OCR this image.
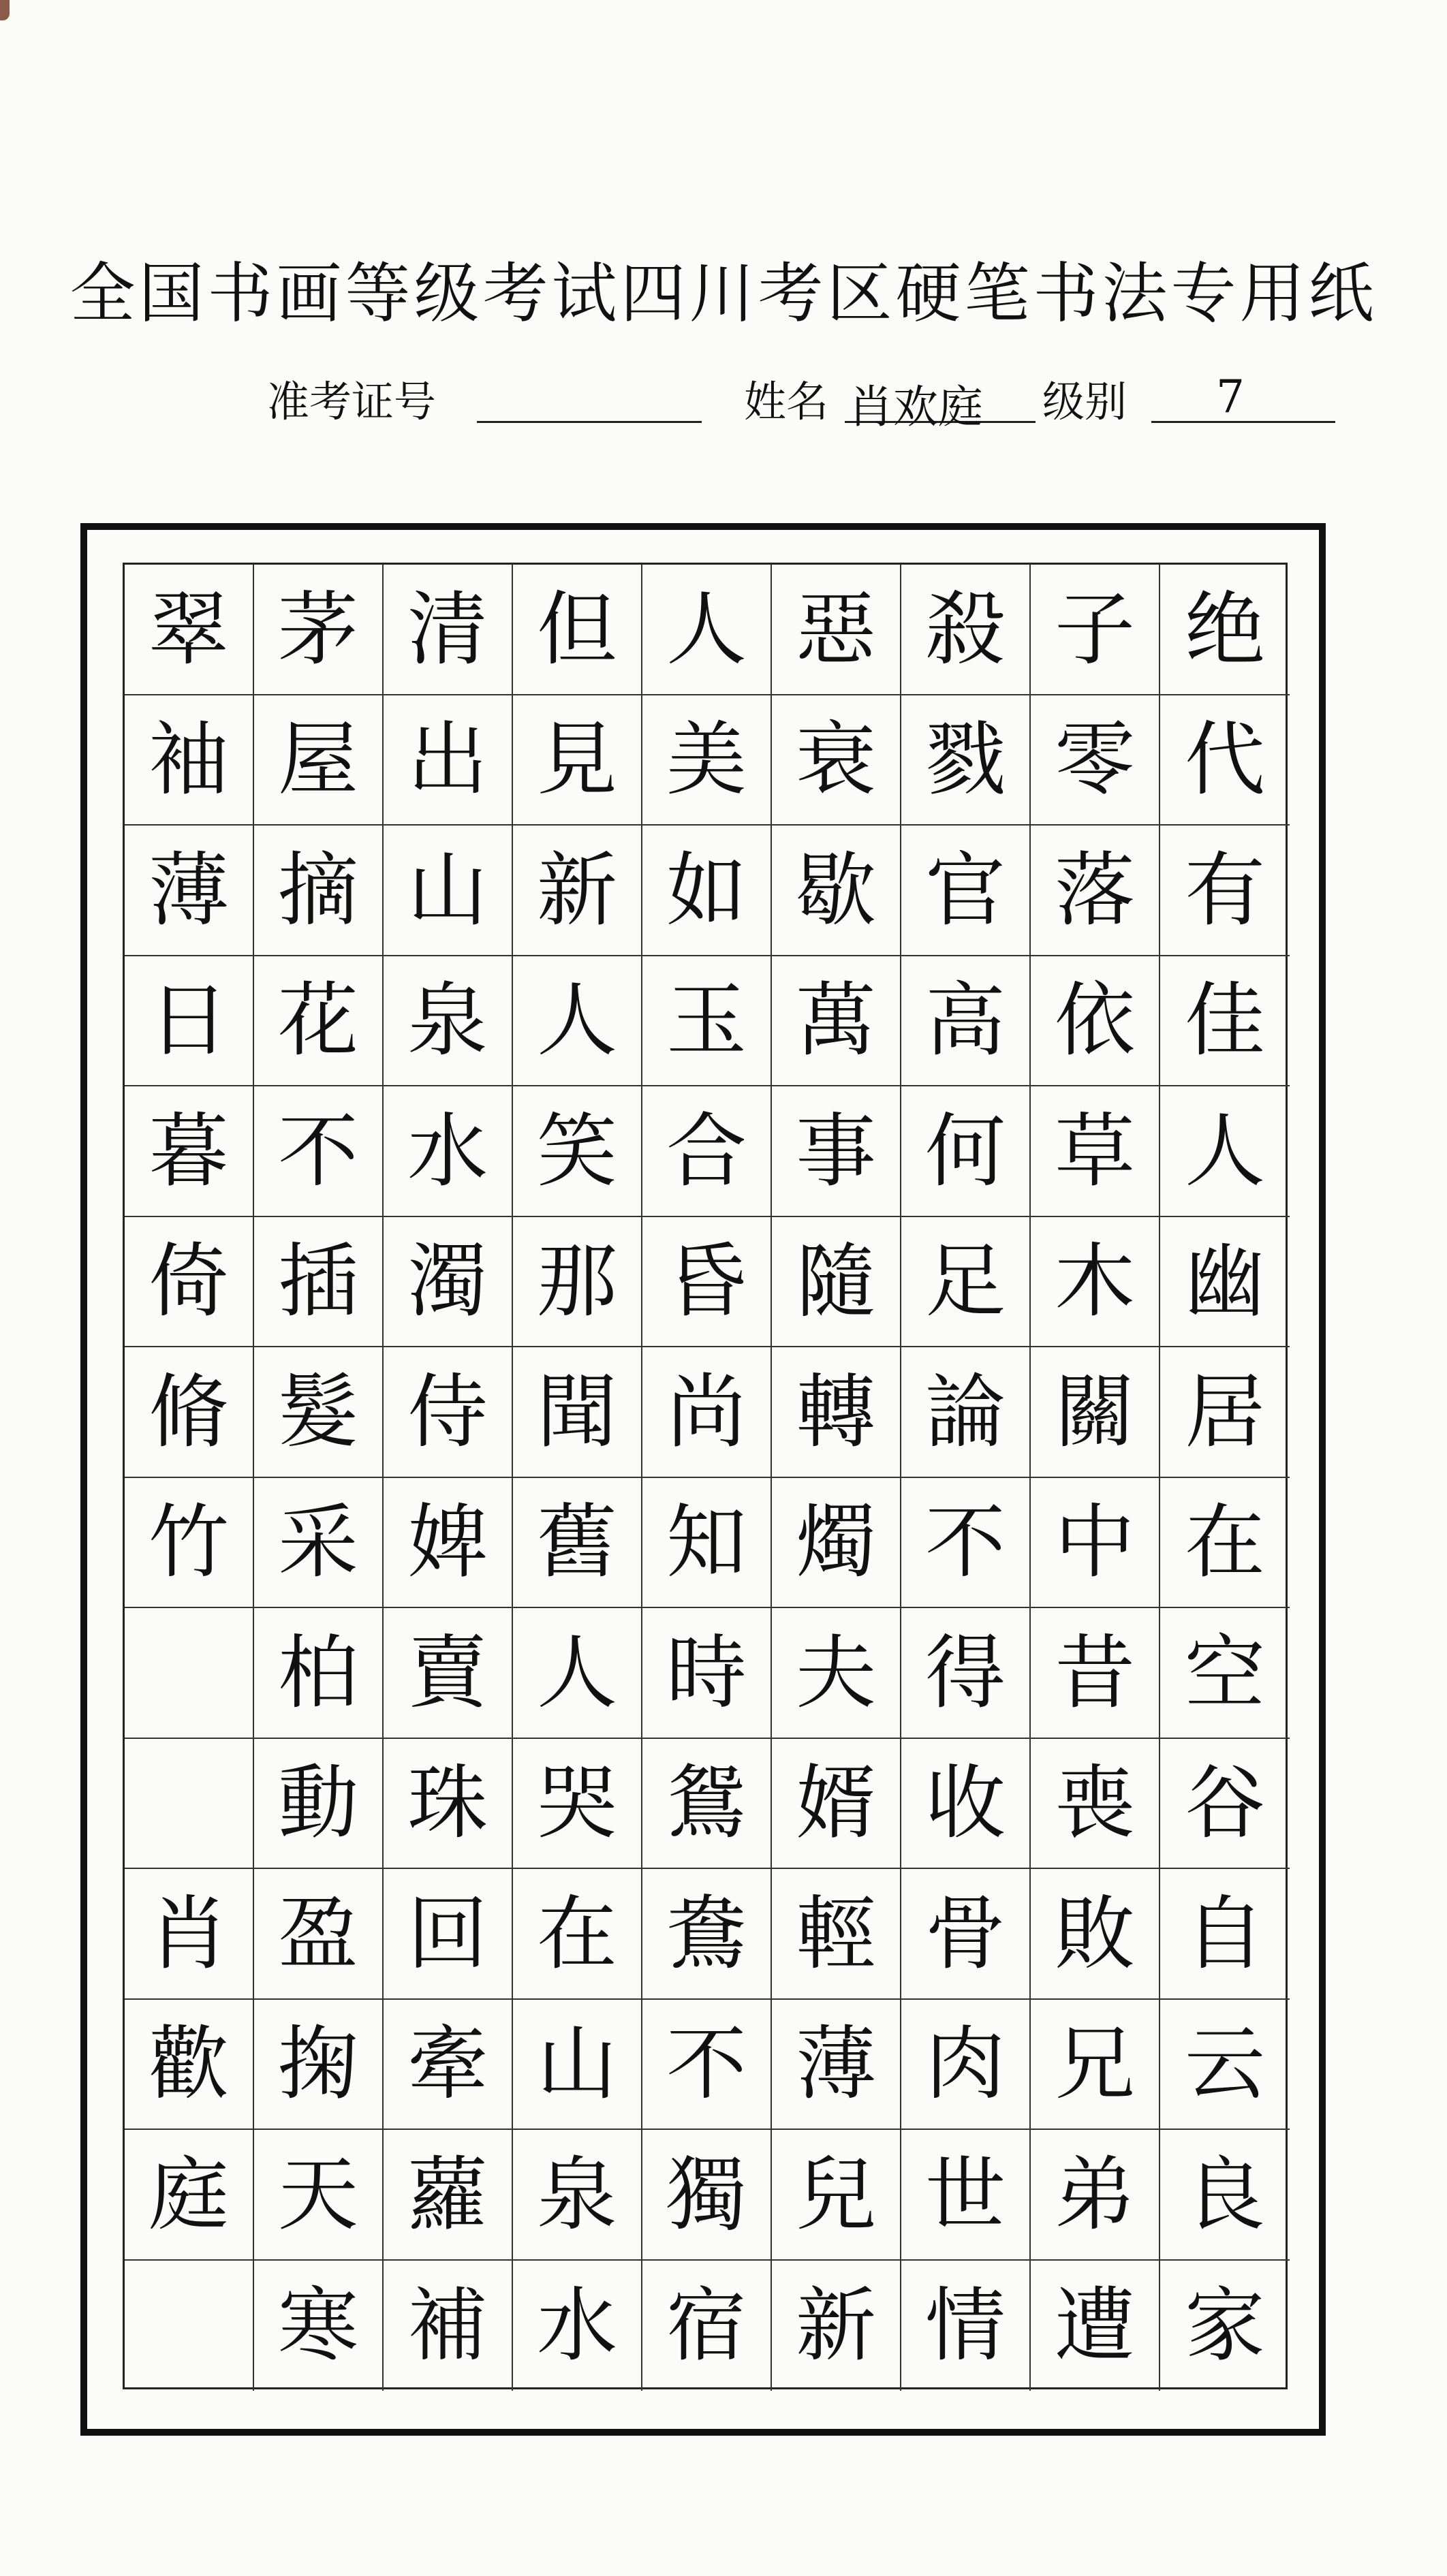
全国书画等级考试四川考区硬笔书法专用纸
准考证号	姓名 肖欢庭 级别 7
翠 茅 清 但 人 惡 殺 子 绝
袖 屋 出 見 美 衰 戮 零 代
薄 摘 山 新 如 歇 官 落 有
日 花 泉 人 玉 萬 高 依 佳
暮 不 水 笑 合 事 何 草 人
倚 插 濁 那 昏 隨 足 木 幽
脩 髮 侍 聞 尚 轉 論 關 居
竹 采 婢 舊 知 燭 不 中 在
柏 賣 人 時 夫 得 昔 空
動 珠 哭 鴛 婿 收 喪 谷
肖 盈 回 在 鴦 輕 骨 敗 自
歡 掬 牽 山 不 薄 肉 兄 云
庭 天 蘿 泉 獨 兒 世 弟 良
寒 補 水 宿 新 情 遭 家
